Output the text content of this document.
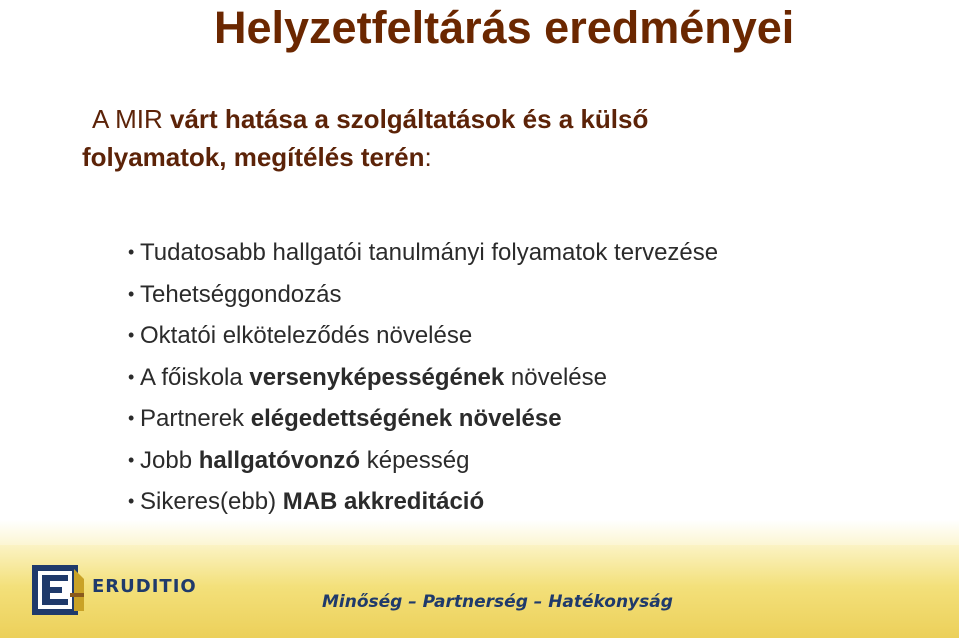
Helyzetfeltárás eredményei
A MIR várt hatása a szolgáltatások és a külső
folyamatok, megítélés terén:
• Tudatosabb hallgatói tanulmányi folyamatok tervezése
• Tehetséggondozás
• Oktatói elköteleződés növelése
• A főiskola versenyképességének növelése
• Partnerek elégedettségének növelése
• Jobb hallgatóvonzó képesség
• Sikeres(ebb) MAB akkreditáció
ERUDITIO
Minőség – Partnerség – Hatékonyság
